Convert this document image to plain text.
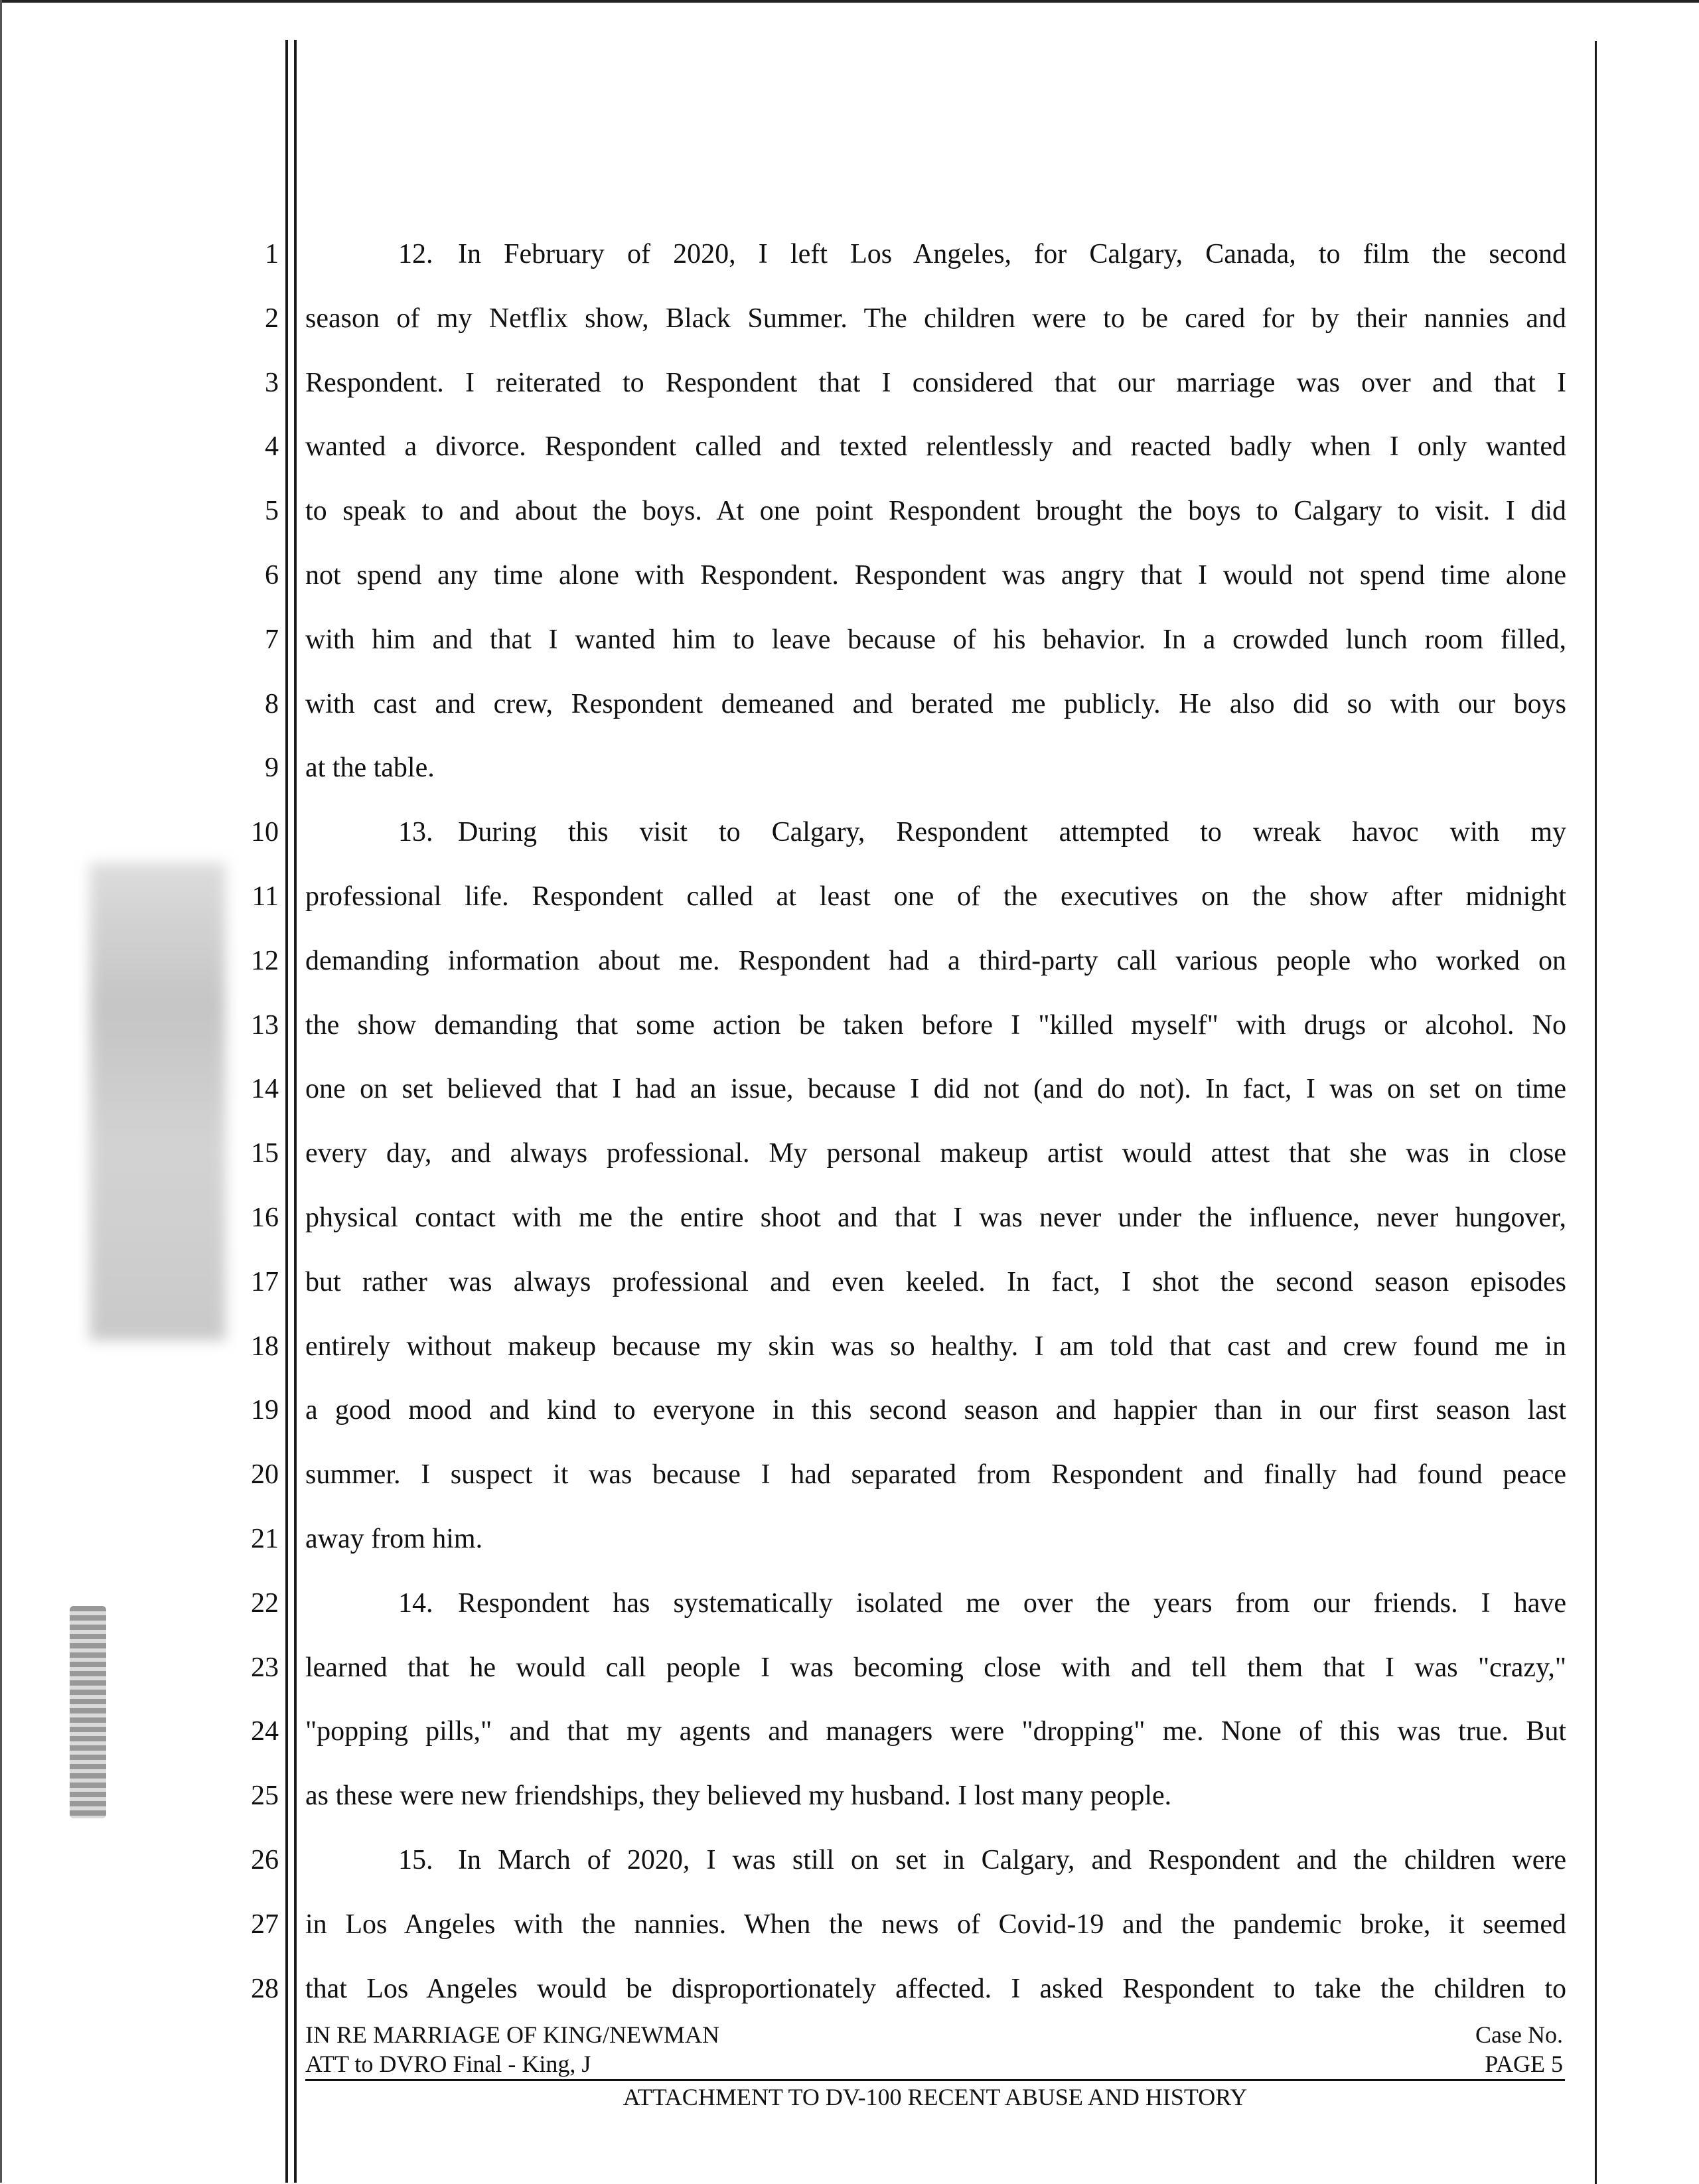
1
2
3
4
5
6
7
8
9
10
11
12
13
14
15
16
17
18
19
20
21
22
23
24
25
26
27
28
12. In February of 2020, I left Los Angeles, for Calgary, Canada, to film the second
season of my Netflix show, Black Summer. The children were to be cared for by their nannies and
Respondent. I reiterated to Respondent that I considered that our marriage was over and that I
wanted a divorce. Respondent called and texted relentlessly and reacted badly when I only wanted
to speak to and about the boys. At one point Respondent brought the boys to Calgary to visit. I did
not spend any time alone with Respondent. Respondent was angry that I would not spend time alone
with him and that I wanted him to leave because of his behavior. In a crowded lunch room filled,
with cast and crew, Respondent demeaned and berated me publicly. He also did so with our boys
at the table.
13. During this visit to Calgary, Respondent attempted to wreak havoc with my
professional life. Respondent called at least one of the executives on the show after midnight
demanding information about me. Respondent had a third-party call various people who worked on
the show demanding that some action be taken before I "killed myself" with drugs or alcohol. No
one on set believed that I had an issue, because I did not (and do not). In fact, I was on set on time
every day, and always professional. My personal makeup artist would attest that she was in close
physical contact with me the entire shoot and that I was never under the influence, never hungover,
but rather was always professional and even keeled. In fact, I shot the second season episodes
entirely without makeup because my skin was so healthy. I am told that cast and crew found me in
a good mood and kind to everyone in this second season and happier than in our first season last
summer. I suspect it was because I had separated from Respondent and finally had found peace
away from him.
14. Respondent has systematically isolated me over the years from our friends. I have
learned that he would call people I was becoming close with and tell them that I was "crazy,"
"popping pills," and that my agents and managers were "dropping" me. None of this was true. But
as these were new friendships, they believed my husband. I lost many people.
15. In March of 2020, I was still on set in Calgary, and Respondent and the children were
in Los Angeles with the nannies. When the news of Covid-19 and the pandemic broke, it seemed
that Los Angeles would be disproportionately affected. I asked Respondent to take the children to
IN RE MARRIAGE OF KING/NEWMAN
ATT to DVRO Final - King, J
Case No.
PAGE 5
ATTACHMENT TO DV-100 RECENT ABUSE AND HISTORY
